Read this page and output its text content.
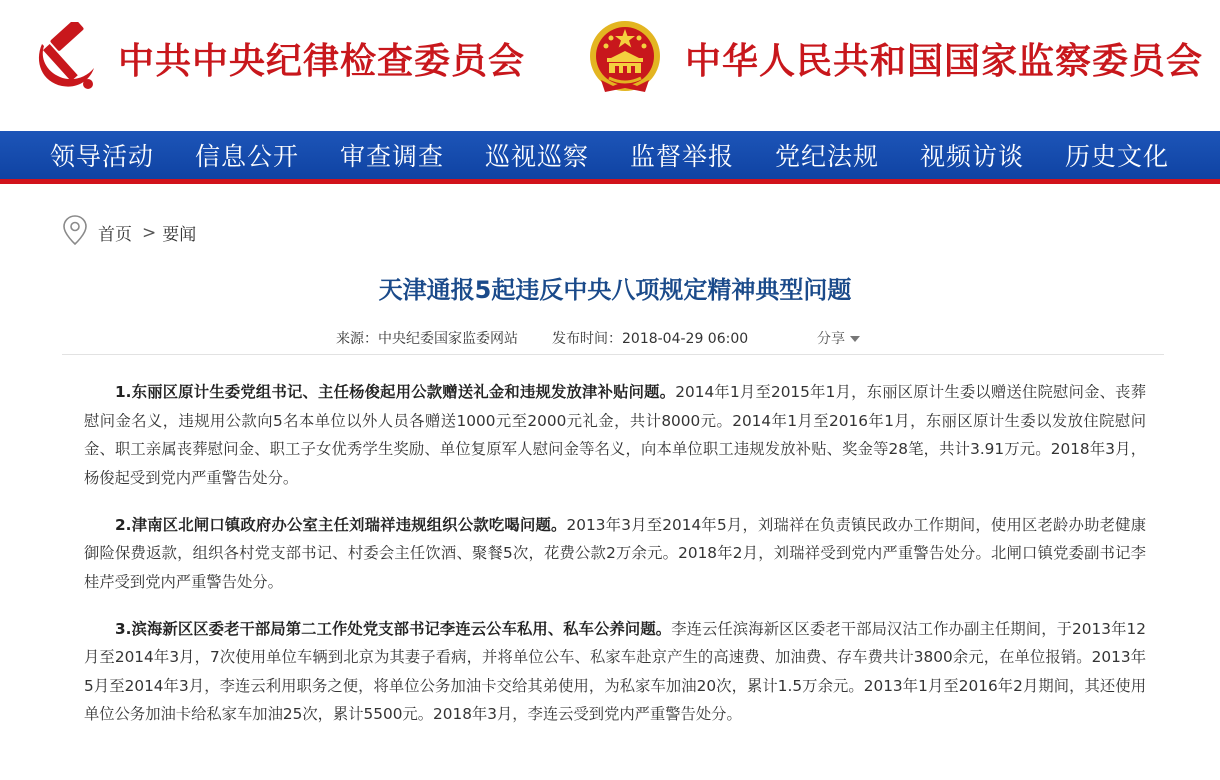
中共中央纪律检查委员会	中华人民共和国国家监察委员会
领导活动	信息公开	审查调查	巡视巡察	监督举报	党纪法规	视频访谈	历史文化
首页 > 要闻
天津通报5起违反中央八项规定精神典型问题
来源：中央纪委国家监委网站 发布时间：2018-04-29 06:00	分享

1.东丽区原计生委党组书记、主任杨俊起用公款赠送礼金和违规发放津补贴问题。2014年1月至2015年1月，东丽区原计生委以赠送住院慰问金、丧葬慰问金名义，违规用公款向5名本单位以外人员各赠送1000元至2000元礼金，共计8000元。2014年1月至2016年1月，东丽区原计生委以发放住院慰问金、职工亲属丧葬慰问金、职工子女优秀学生奖励、单位复原军人慰问金等名义，向本单位职工违规发放补贴、奖金等28笔，共计3.91万元。2018年3月，杨俊起受到党内严重警告处分。

2.津南区北闸口镇政府办公室主任刘瑞祥违规组织公款吃喝问题。2013年3月至2014年5月，刘瑞祥在负责镇民政办工作期间，使用区老龄办助老健康御险保费返款，组织各村党支部书记、村委会主任饮酒、聚餐5次，花费公款2万余元。2018年2月，刘瑞祥受到党内严重警告处分。北闸口镇党委副书记李桂芹受到党内严重警告处分。

3.滨海新区区委老干部局第二工作处党支部书记李连云公车私用、私车公养问题。李连云任滨海新区区委老干部局汉沽工作办副主任期间，于2013年12月至2014年3月，7次使用单位车辆到北京为其妻子看病，并将单位公车、私家车赴京产生的高速费、加油费、存车费共计3800余元，在单位报销。2013年5月至2014年3月，李连云利用职务之便，将单位公务加油卡交给其弟使用，为私家车加油20次，累计1.5万余元。2013年1月至2016年2月期间，其还使用单位公务加油卡给私家车加油25次，累计5500元。2018年3月，李连云受到党内严重警告处分。
